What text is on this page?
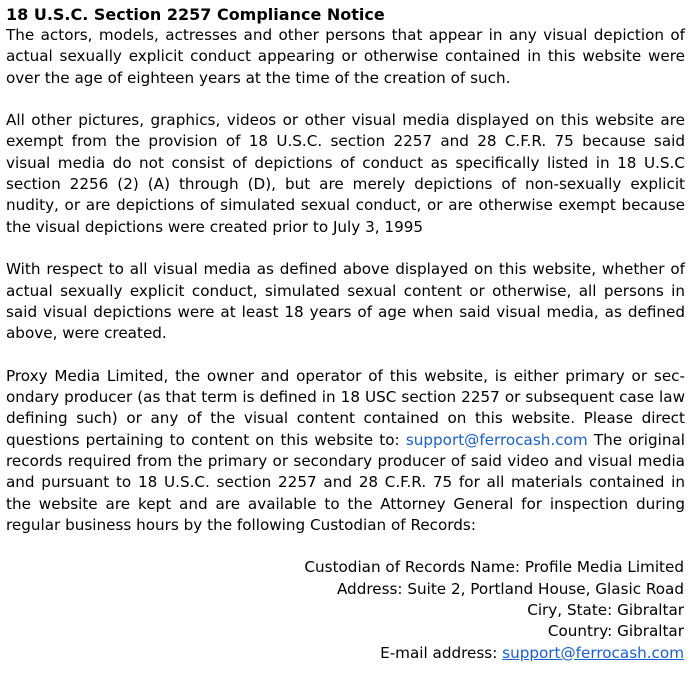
18 U.S.C. Section 2257 Compliance Notice

The actors, models, actresses and other persons that appear in any visual depiction of actual sexually explicit conduct appearing or otherwise contained in this website were over the age of eighteen years at the time of the creation of such.

All other pictures, graphics, videos or other visual media displayed on this website are exempt from the provision of 18 U.S.C. section 2257 and 28 C.F.R. 75 because said visual media do not consist of depictions of conduct as specifically listed in 18 U.S.C section 2256 (2) (A) through (D), but are merely depictions of non-sexually explicit nudity, or are depictions of simulated sexual conduct, or are otherwise exempt because the visual depictions were created prior to July 3, 1995

With respect to all visual media as defined above displayed on this website, whether of actual sexually explicit conduct, simulated sexual content or otherwise, all persons in said visual depictions were at least 18 years of age when said visual media, as defined above, were created.

Proxy Media Limited, the owner and operator of this website, is either primary or secondary producer (as that term is defined in 18 USC section 2257 or subsequent case law defining such) or any of the visual content contained on this website. Please direct questions pertaining to content on this website to: support@ferrocash.com The original records required from the primary or secondary producer of said video and visual media and pursuant to 18 U.S.C. section 2257 and 28 C.F.R. 75 for all materials contained in the website are kept and are available to the Attorney General for inspection during regular business hours by the following Custodian of Records:

Custodian of Records Name: Profile Media Limited
Address: Suite 2, Portland House, Glasic Road
Ciry, State: Gibraltar
Country: Gibraltar
E-mail address: support@ferrocash.com
